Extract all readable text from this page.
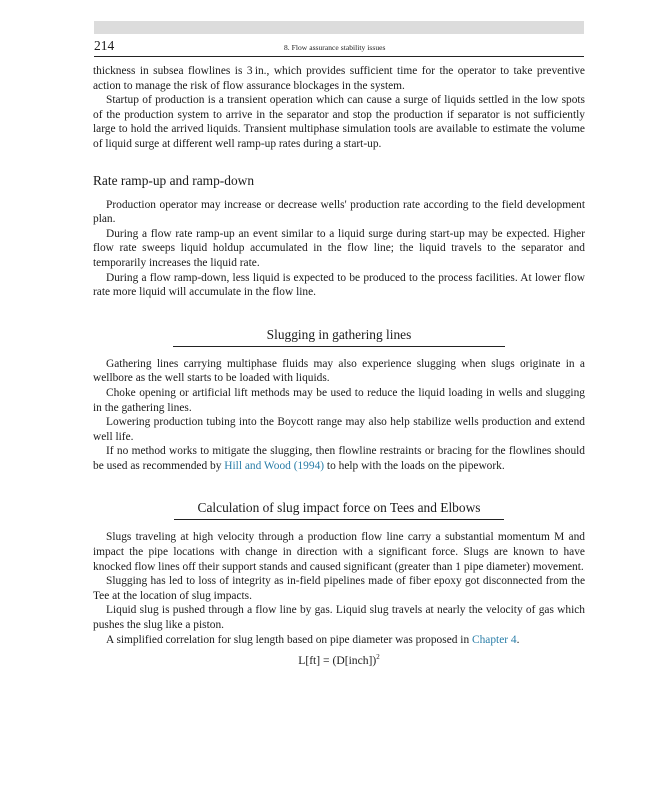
214	8. Flow assurance stability issues

thickness in subsea flowlines is 3 in., which provides sufficient time for the operator to take preventive action to manage the risk of flow assurance blockages in the system.

Startup of production is a transient operation which can cause a surge of liquids settled in the low spots of the production system to arrive in the separator and stop the production if separator is not sufficiently large to hold the arrived liquids. Transient multiphase simulation tools are available to estimate the volume of liquid surge at different well ramp-up rates during a start-up.

Rate ramp-up and ramp-down

Production operator may increase or decrease wells' production rate according to the field development plan.

During a flow rate ramp-up an event similar to a liquid surge during start-up may be expected. Higher flow rate sweeps liquid holdup accumulated in the flow line; the liquid travels to the separator and temporarily increases the liquid rate.

During a flow ramp-down, less liquid is expected to be produced to the process facilities. At lower flow rate more liquid will accumulate in the flow line.

Slugging in gathering lines

Gathering lines carrying multiphase fluids may also experience slugging when slugs originate in a wellbore as the well starts to be loaded with liquids.

Choke opening or artificial lift methods may be used to reduce the liquid loading in wells and slugging in the gathering lines.

Lowering production tubing into the Boycott range may also help stabilize wells production and extend well life.

If no method works to mitigate the slugging, then flowline restraints or bracing for the flowlines should be used as recommended by Hill and Wood (1994) to help with the loads on the pipework.

Calculation of slug impact force on Tees and Elbows

Slugs traveling at high velocity through a production flow line carry a substantial momentum M and impact the pipe locations with change in direction with a significant force. Slugs are known to have knocked flow lines off their support stands and caused significant (greater than 1 pipe diameter) movement.

Slugging has led to loss of integrity as in-field pipelines made of fiber epoxy got disconnected from the Tee at the location of slug impacts.

Liquid slug is pushed through a flow line by gas. Liquid slug travels at nearly the velocity of gas which pushes the slug like a piston.

A simplified correlation for slug length based on pipe diameter was proposed in Chapter 4.

L[ft] = (D[inch])$^2$
